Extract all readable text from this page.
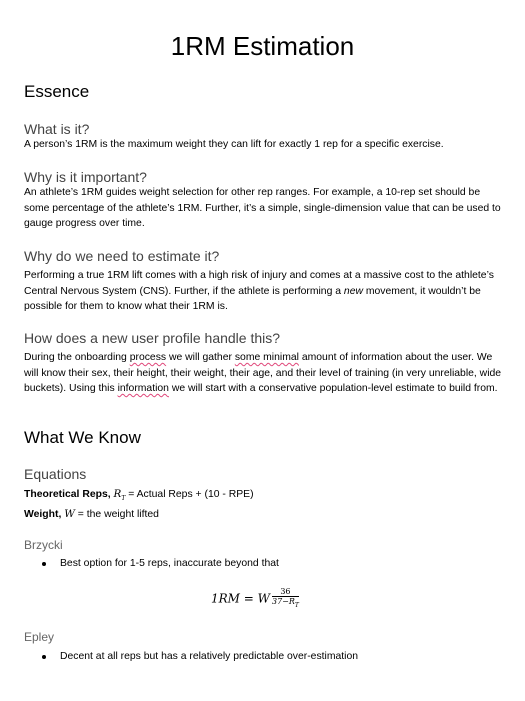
1RM Estimation
Essence
What is it?
A person’s 1RM is the maximum weight they can lift for exactly 1 rep for a specific exercise.
Why is it important?
An athlete’s 1RM guides weight selection for other rep ranges. For example, a 10-rep set should be some percentage of the athlete’s 1RM. Further, it’s a simple, single-dimension value that can be used to gauge progress over time.
Why do we need to estimate it?
Performing a true 1RM lift comes with a high risk of injury and comes at a massive cost to the athlete’s Central Nervous System (CNS). Further, if the athlete is performing a new movement, it wouldn’t be possible for them to know what their 1RM is.
How does a new user profile handle this?
During the onboarding process we will gather some minimal amount of information about the user. We will know their sex, their height, their weight, their age, and their level of training (in very unreliable, wide buckets). Using this information we will start with a conservative population-level estimate to build from.
What We Know
Equations
Theoretical Reps, $R_T$ = Actual Reps + (10 - RPE)
Weight, W = the weight lifted
Brzycki
Best option for 1-5 reps, inaccurate beyond that
1RM = W $\frac{36}{37-R_T}$
Epley
Decent at all reps but has a relatively predictable over-estimation
